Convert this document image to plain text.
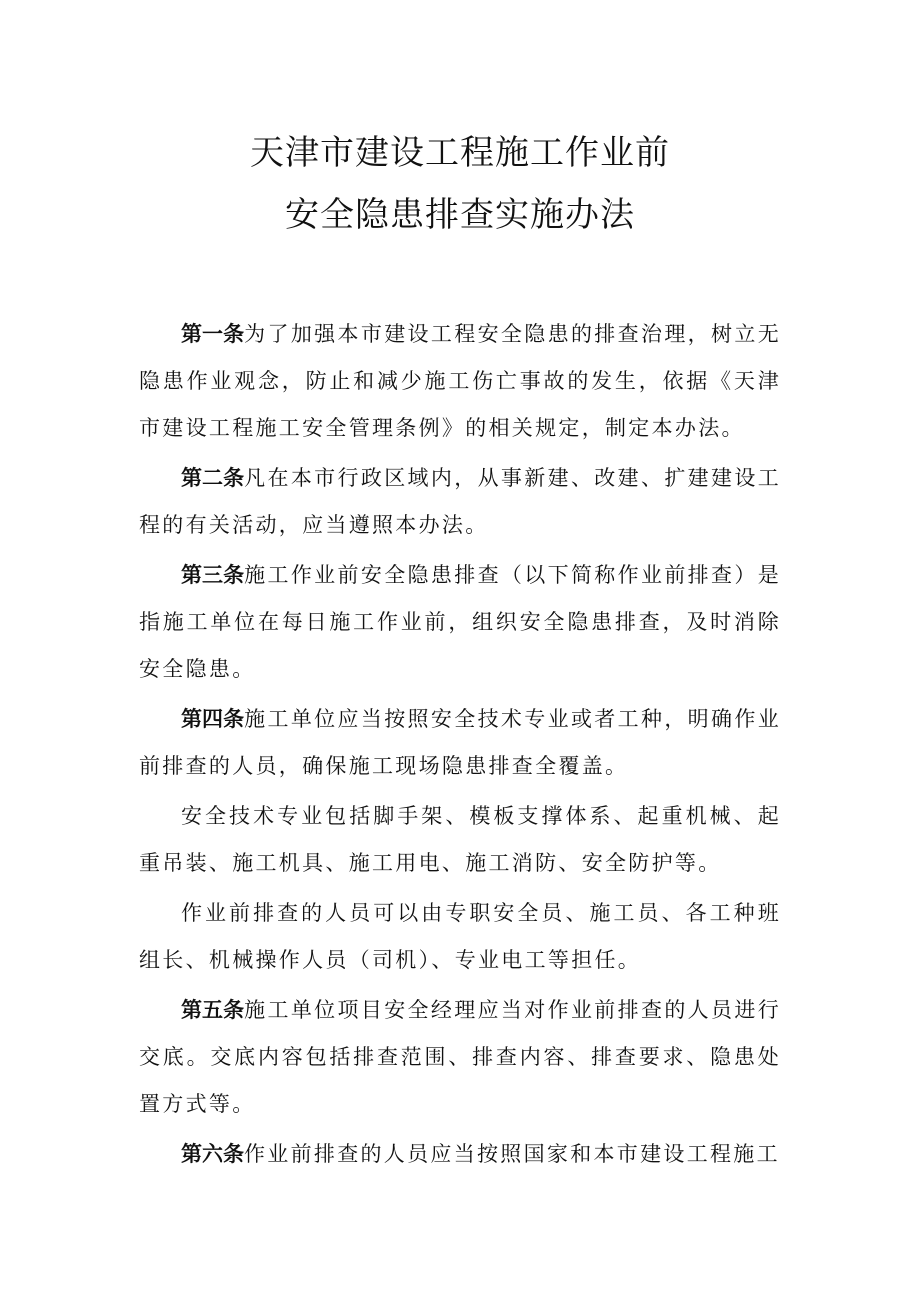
天津市建设工程施工作业前

安全隐患排查实施办法

第一条为了加强本市建设工程安全隐患的排查治理，树立无隐患作业观念，防止和减少施工伤亡事故的发生，依据《天津市建设工程施工安全管理条例》的相关规定，制定本办法。

第二条凡在本市行政区域内，从事新建、改建、扩建建设工程的有关活动，应当遵照本办法。

第三条施工作业前安全隐患排查（以下简称作业前排查）是指施工单位在每日施工作业前，组织安全隐患排查，及时消除安全隐患。

第四条施工单位应当按照安全技术专业或者工种，明确作业前排查的人员，确保施工现场隐患排查全覆盖。

安全技术专业包括脚手架、模板支撑体系、起重机械、起重吊装、施工机具、施工用电、施工消防、安全防护等。

作业前排查的人员可以由专职安全员、施工员、各工种班组长、机械操作人员（司机）、专业电工等担任。

第五条施工单位项目安全经理应当对作业前排查的人员进行交底。交底内容包括排查范围、排查内容、排查要求、隐患处置方式等。

第六条作业前排查的人员应当按照国家和本市建设工程施工
